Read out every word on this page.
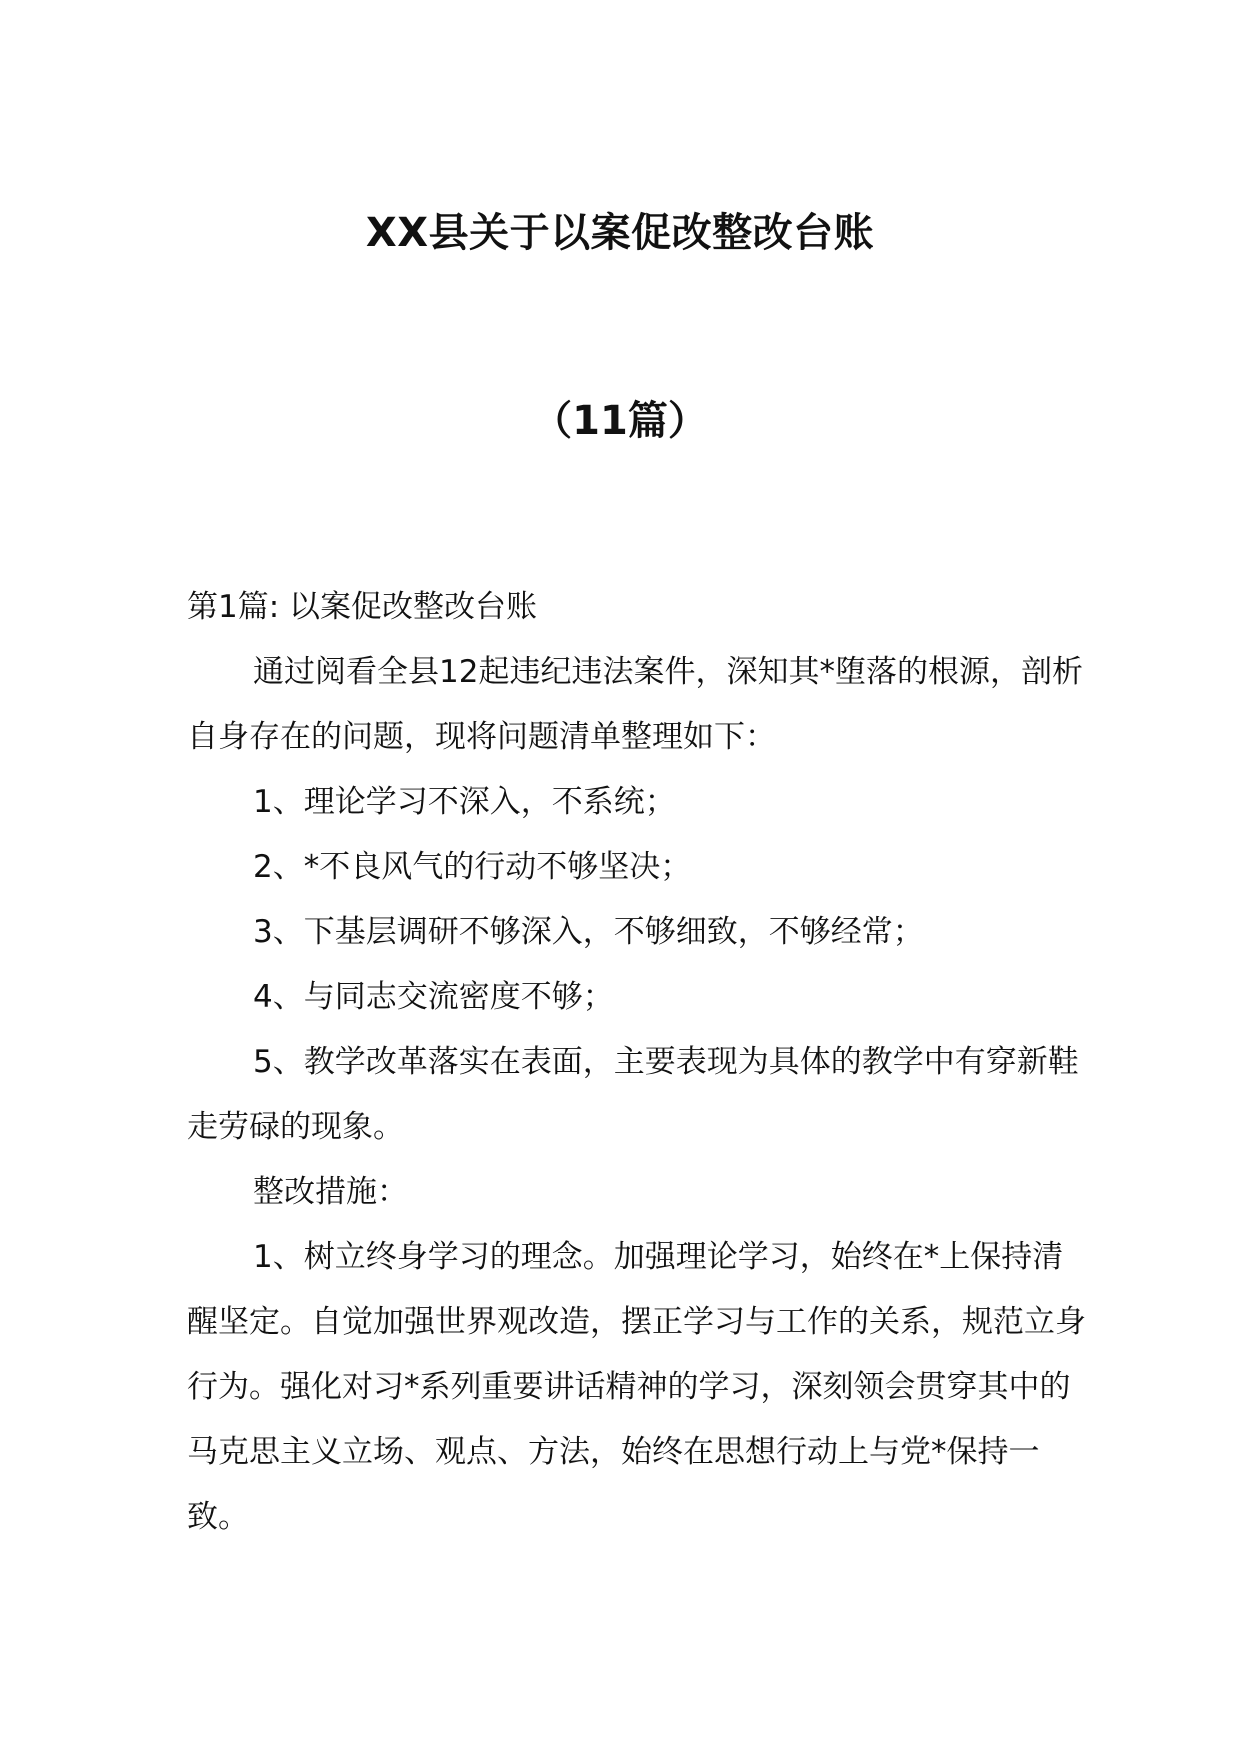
XX县关于以案促改整改台账
（11篇）

第1篇: 以案促改整改台账

通过阅看全县12起违纪违法案件，深知其*堕落的根源，剖析自身存在的问题，现将问题清单整理如下：

1、理论学习不深入，不系统；

2、*不良风气的行动不够坚决；

3、下基层调研不够深入，不够细致，不够经常；

4、与同志交流密度不够；

5、教学改革落实在表面，主要表现为具体的教学中有穿新鞋走劳碌的现象。

整改措施：

1、树立终身学习的理念。加强理论学习，始终在*上保持清醒坚定。自觉加强世界观改造，摆正学习与工作的关系，规范立身行为。强化对习*系列重要讲话精神的学习，深刻领会贯穿其中的马克思主义立场、观点、方法，始终在思想行动上与党*保持一致。
